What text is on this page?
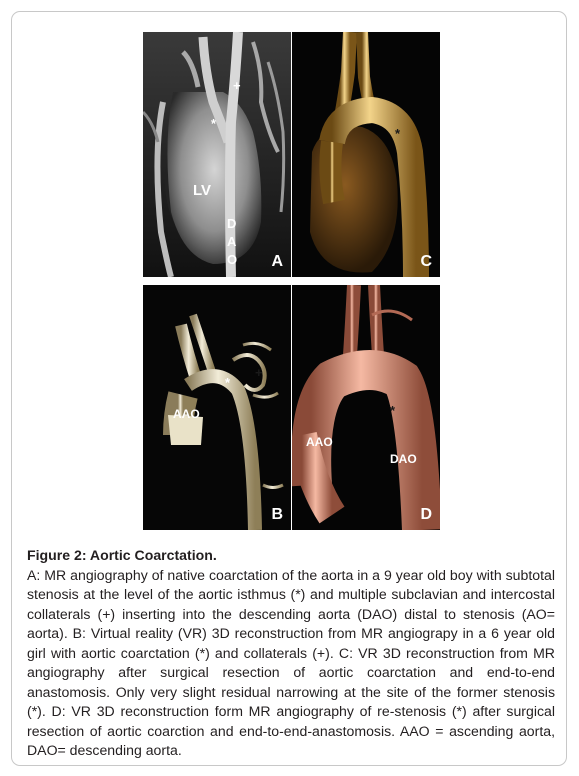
+
*
LV
D
A
O A
*
C
+
*
AAO
B
*
AAO
DAO
D
Figure 2: Aortic Coarctation.
A: MR angiography of native coarctation of the aorta in a 9 year old boy with subtotal stenosis at the level of the aortic isthmus (*) and multiple subclavian and intercostal collaterals (+) inserting into the descending aorta (DAO) distal to stenosis (AO= aorta). B: Virtual reality (VR) 3D reconstruction from MR angiograpy in a 6 year old girl with aortic coarctation (*) and collaterals (+). C: VR 3D reconstruction from MR angiography after surgical resection of aortic coarctation and end-to-end anastomosis. Only very slight residual narrowing at the site of the former stenosis (*). D: VR 3D reconstruction form MR angiography of re-stenosis (*) after surgical resection of aortic coarction and end-to-end-anastomosis. AAO = ascending aorta, DAO= descending aorta.
